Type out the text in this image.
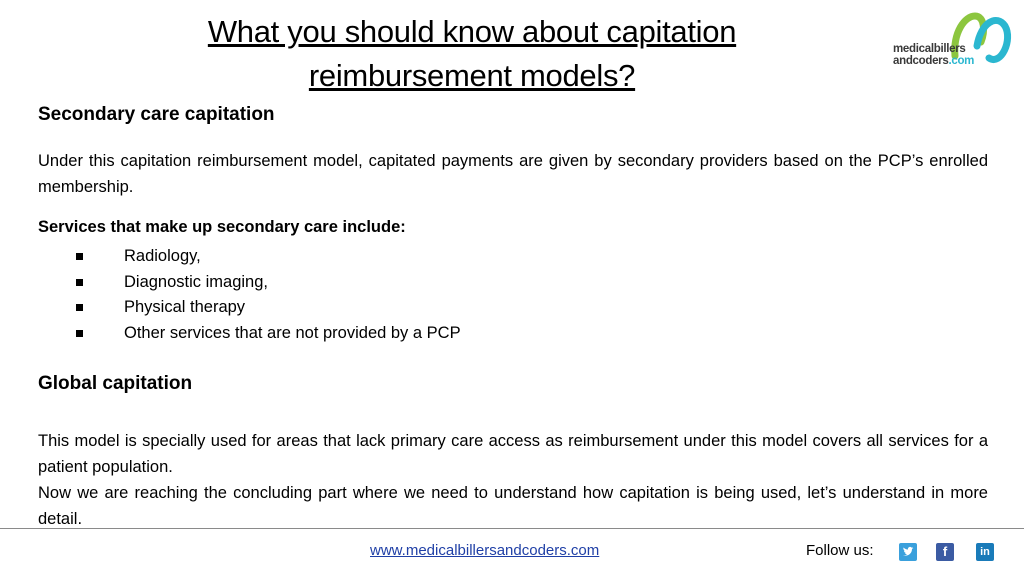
What you should know about capitation
reimbursement models?
medicalbillers
andcoders.com
Secondary care capitation
Under this capitation reimbursement model, capitated payments are given by secondary providers based on the PCP’s enrolled membership.
Services that make up secondary care include:
Radiology,
Diagnostic imaging,
Physical therapy
Other services that are not provided by a PCP
Global capitation
This model is specially used for areas that lack primary care access as reimbursement under this model covers all services for a patient population.
Now we are reaching the concluding part where we need to understand how capitation is being used, let’s understand in more detail.
www.medicalbillersandcoders.com	Follow us:	f	in
